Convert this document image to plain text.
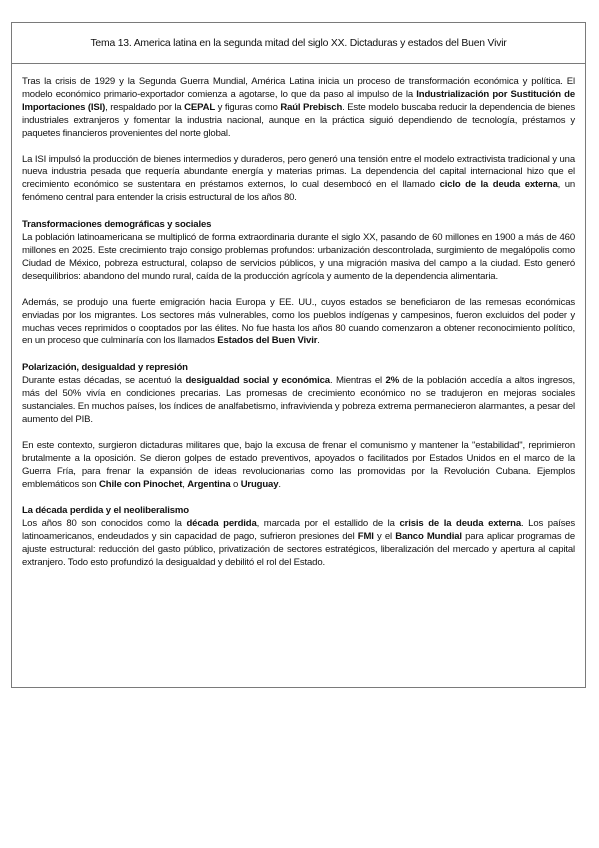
Tema 13. America latina en la segunda mitad del siglo XX. Dictaduras y estados del Buen Vivir

Tras la crisis de 1929 y la Segunda Guerra Mundial, América Latina inicia un proceso de transformación económica y política. El modelo económico primario-exportador comienza a agotarse, lo que da paso al impulso de la Industrialización por Sustitución de Importaciones (ISI), respaldado por la CEPAL y figuras como Raúl Prebisch. Este modelo buscaba reducir la dependencia de bienes industriales extranjeros y fomentar la industria nacional, aunque en la práctica siguió dependiendo de tecnología, préstamos y paquetes financieros provenientes del norte global.

La ISI impulsó la producción de bienes intermedios y duraderos, pero generó una tensión entre el modelo extractivista tradicional y una nueva industria pesada que requería abundante energía y materias primas. La dependencia del capital internacional hizo que el crecimiento económico se sustentara en préstamos externos, lo cual desembocó en el llamado ciclo de la deuda externa, un fenómeno central para entender la crisis estructural de los años 80.

Transformaciones demográficas y sociales

La población latinoamericana se multiplicó de forma extraordinaria durante el siglo XX, pasando de 60 millones en 1900 a más de 460 millones en 2025. Este crecimiento trajo consigo problemas profundos: urbanización descontrolada, surgimiento de megalópolis como Ciudad de México, pobreza estructural, colapso de servicios públicos, y una migración masiva del campo a la ciudad. Esto generó desequilibrios: abandono del mundo rural, caída de la producción agrícola y aumento de la dependencia alimentaria.

Además, se produjo una fuerte emigración hacia Europa y EE. UU., cuyos estados se beneficiaron de las remesas económicas enviadas por los migrantes. Los sectores más vulnerables, como los pueblos indígenas y campesinos, fueron excluidos del poder y muchas veces reprimidos o cooptados por las élites. No fue hasta los años 80 cuando comenzaron a obtener reconocimiento político, en un proceso que culminaría con los llamados Estados del Buen Vivir.

Polarización, desigualdad y represión

Durante estas décadas, se acentuó la desigualdad social y económica. Mientras el 2% de la población accedía a altos ingresos, más del 50% vivía en condiciones precarias. Las promesas de crecimiento económico no se tradujeron en mejoras sociales sustanciales. En muchos países, los índices de analfabetismo, infravivienda y pobreza extrema permanecieron alarmantes, a pesar del aumento del PIB.

En este contexto, surgieron dictaduras militares que, bajo la excusa de frenar el comunismo y mantener la "estabilidad", reprimieron brutalmente a la oposición. Se dieron golpes de estado preventivos, apoyados o facilitados por Estados Unidos en el marco de la Guerra Fría, para frenar la expansión de ideas revolucionarias como las promovidas por la Revolución Cubana. Ejemplos emblemáticos son Chile con Pinochet, Argentina o Uruguay.

La década perdida y el neoliberalismo

Los años 80 son conocidos como la década perdida, marcada por el estallido de la crisis de la deuda externa. Los países latinoamericanos, endeudados y sin capacidad de pago, sufrieron presiones del FMI y el Banco Mundial para aplicar programas de ajuste estructural: reducción del gasto público, privatización de sectores estratégicos, liberalización del mercado y apertura al capital extranjero. Todo esto profundizó la desigualdad y debilitó el rol del Estado.
